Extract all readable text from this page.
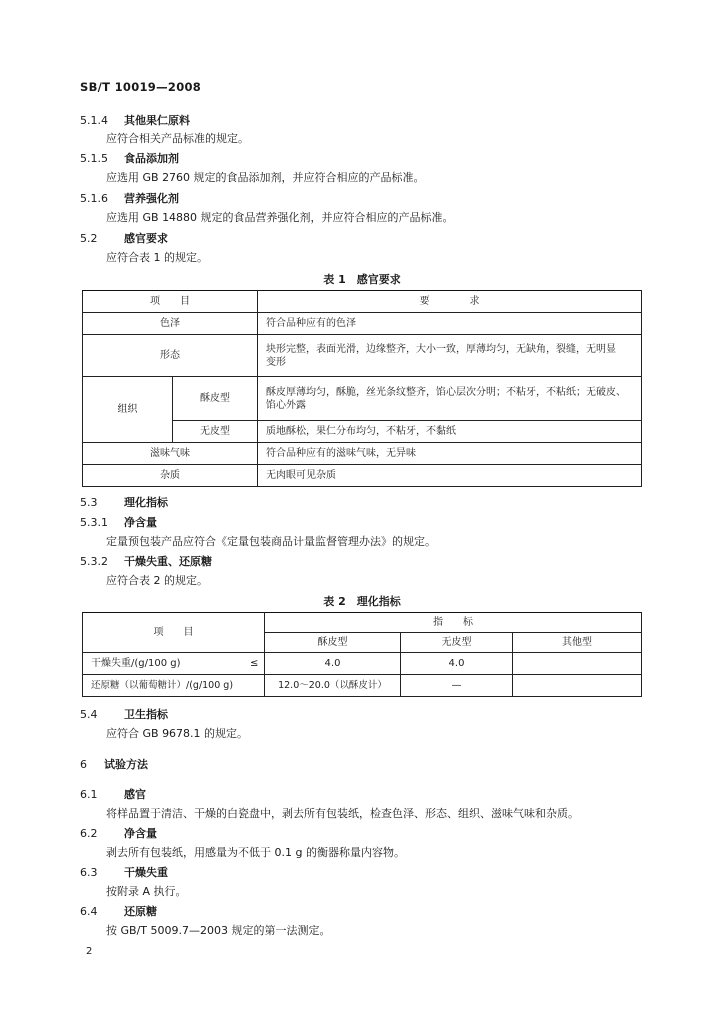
SB/T 10019—2008
5.1.4 其他果仁原料
应符合相关产品标准的规定。
5.1.5 食品添加剂
应选用 GB 2760 规定的食品添加剂，并应符合相应的产品标准。
5.1.6 营养强化剂
应选用 GB 14880 规定的食品营养强化剂，并应符合相应的产品标准。
5.2 感官要求
应符合表 1 的规定。
表 1　感官要求
项　　目		要　　　　求
色泽		符合品种应有的色泽
形态		块形完整，表面光滑，边缘整齐，大小一致，厚薄均匀，无缺角，裂缝，无明显
变形

组织	酥皮型	酥皮厚薄均匀，酥脆，丝光条纹整齐，馅心层次分明；不粘牙，不粘纸；无破皮、
馅心外露

	无皮型	质地酥松，果仁分布均匀，不粘牙，不黏纸
滋味气味		符合品种应有的滋味气味，无异味
杂质		无肉眼可见杂质
5.3 理化指标
5.3.1 净含量
定量预包装产品应符合《定量包装商品计量监督管理办法》的规定。
5.3.2 干燥失重、还原糖
应符合表 2 的规定。
表 2　理化指标
项　　目		指　　标		
		酥皮型	无皮型	其他型
干燥失重/(g/100 g)	≤	4.0	4.0	
还原糖（以葡萄糖计）/(g/100 g)		12.0～20.0（以酥皮计）	—	
5.4 卫生指标
应符合 GB 9678.1 的规定。
6 试验方法
6.1 感官
将样品置于清洁、干燥的白瓷盘中，剥去所有包装纸，检查色泽、形态、组织、滋味气味和杂质。
6.2 净含量
剥去所有包装纸，用感量为不低于 0.1 g 的衡器称量内容物。
6.3 干燥失重
按附录 A 执行。
6.4 还原糖
按 GB/T 5009.7—2003 规定的第一法测定。
2
